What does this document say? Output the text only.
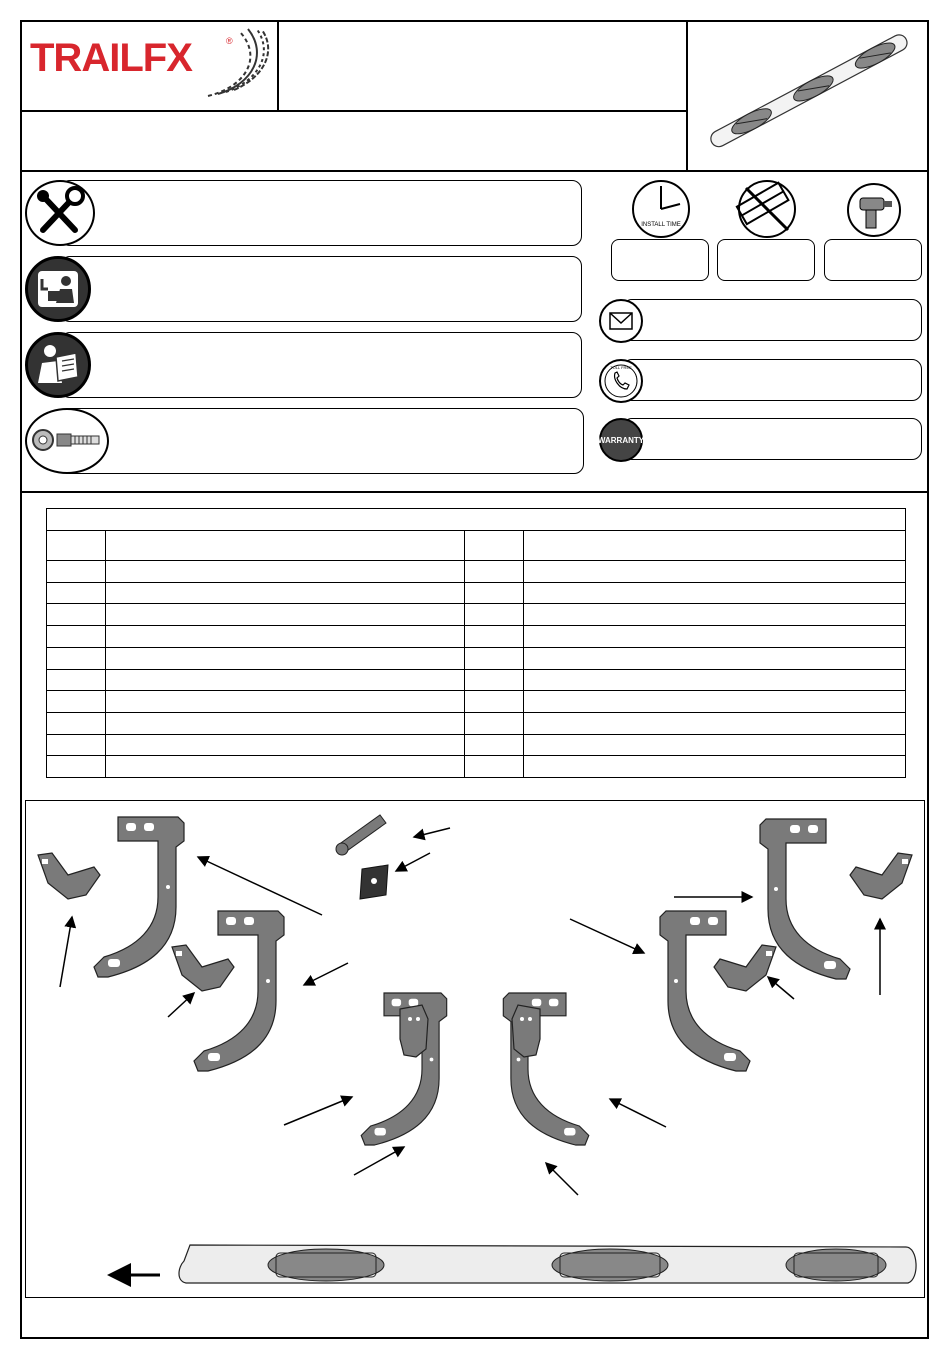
TRAILFX	®
INSTALL TIME
TOLL FREE
WARRANTY
